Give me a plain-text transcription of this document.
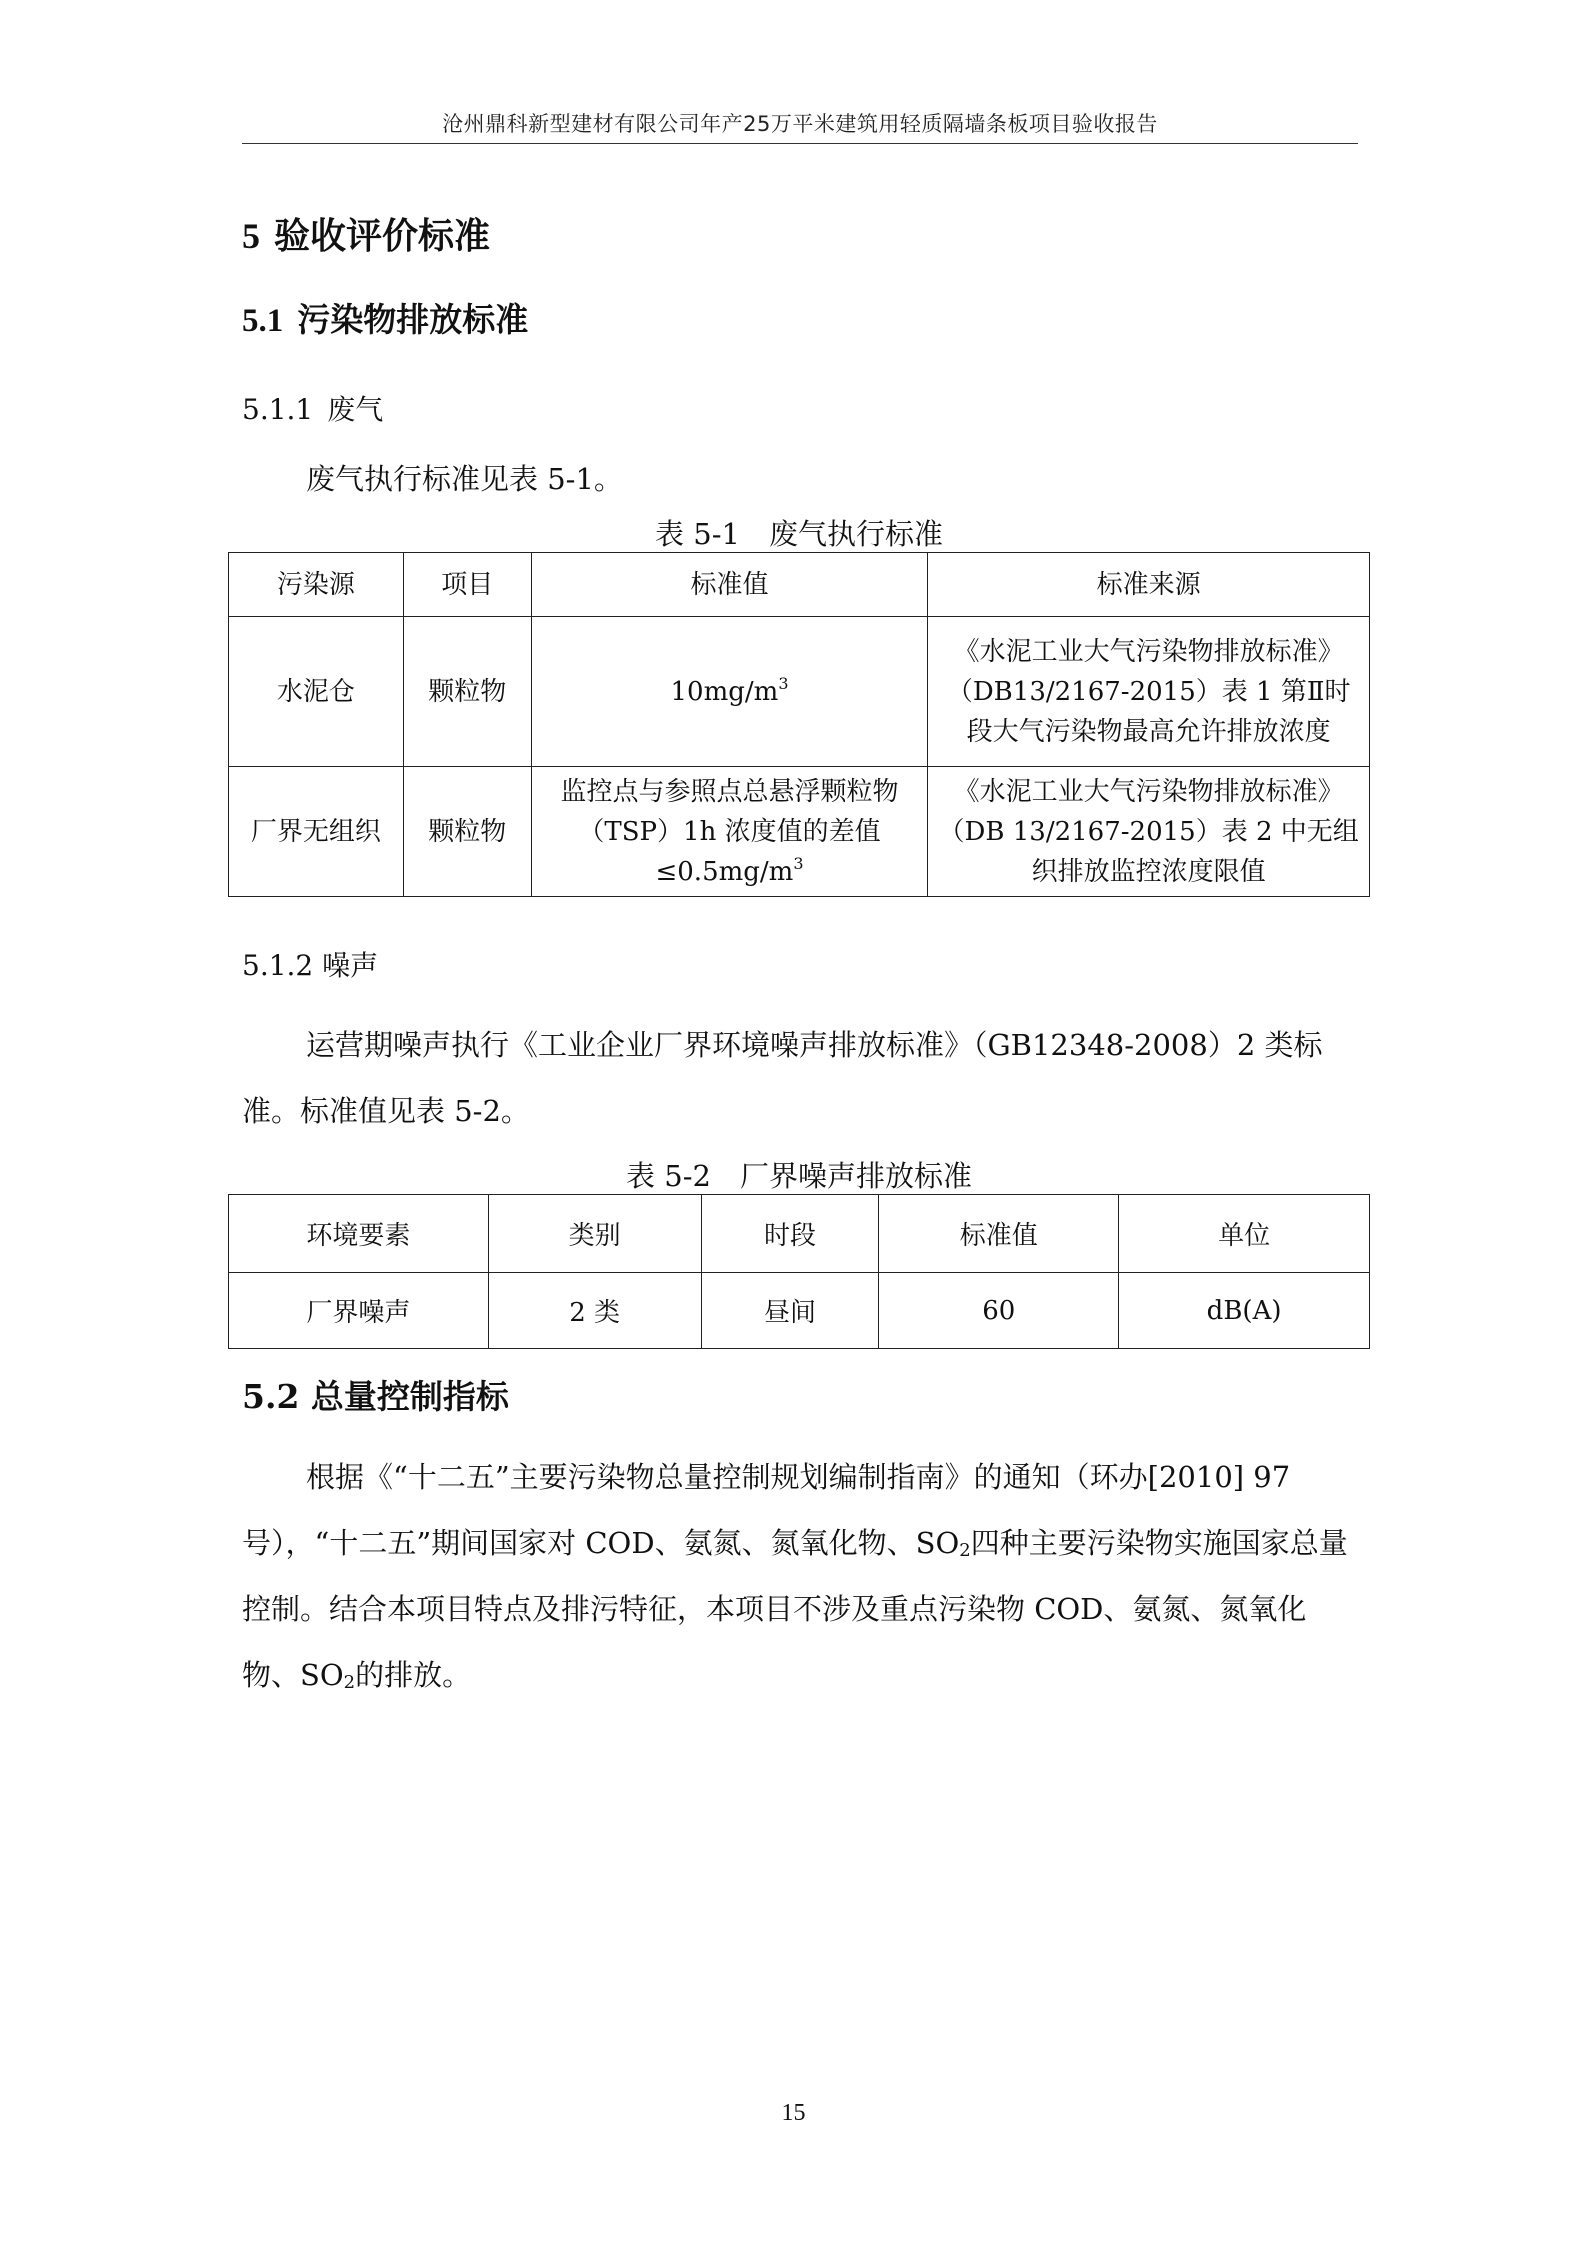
沧州鼎科新型建材有限公司年产25万平米建筑用轻质隔墙条板项目验收报告
5 验收评价标准
5.1 污染物排放标准
5.1.1 废气
废气执行标准见表 5-1。
表 5-1　废气执行标准
污染源	项目	标准值	标准来源
水泥仓	颗粒物	$10mg/m^3$	《水泥工业大气污染物排放标准》（DB13/2167-2015）表 1 第Ⅱ时段大气污染物最高允许排放浓度
厂界无组织	颗粒物	监控点与参照点总悬浮颗粒物（TSP）1h 浓度值的差值$\le 0.5mg/m^3$	《水泥工业大气污染物排放标准》（DB 13/2167-2015）表 2 中无组织排放监控浓度限值
5.1.2 噪声
运营期噪声执行《工业企业厂界环境噪声排放标准》（GB12348-2008）2 类标准。标准值见表 5-2。
表 5-2　厂界噪声排放标准
环境要素	类别	时段	标准值	单位
厂界噪声	2 类	昼间	60	dB(A)
5.2 总量控制指标
根据《“十二五”主要污染物总量控制规划编制指南》的通知（环办[2010] 97 号），“十二五”期间国家对 COD、氨氮、氮氧化物、$SO_2$四种主要污染物实施国家总量控制。结合本项目特点及排污特征，本项目不涉及重点污染物 COD、氨氮、氮氧化物、$SO_2$的排放。
15
